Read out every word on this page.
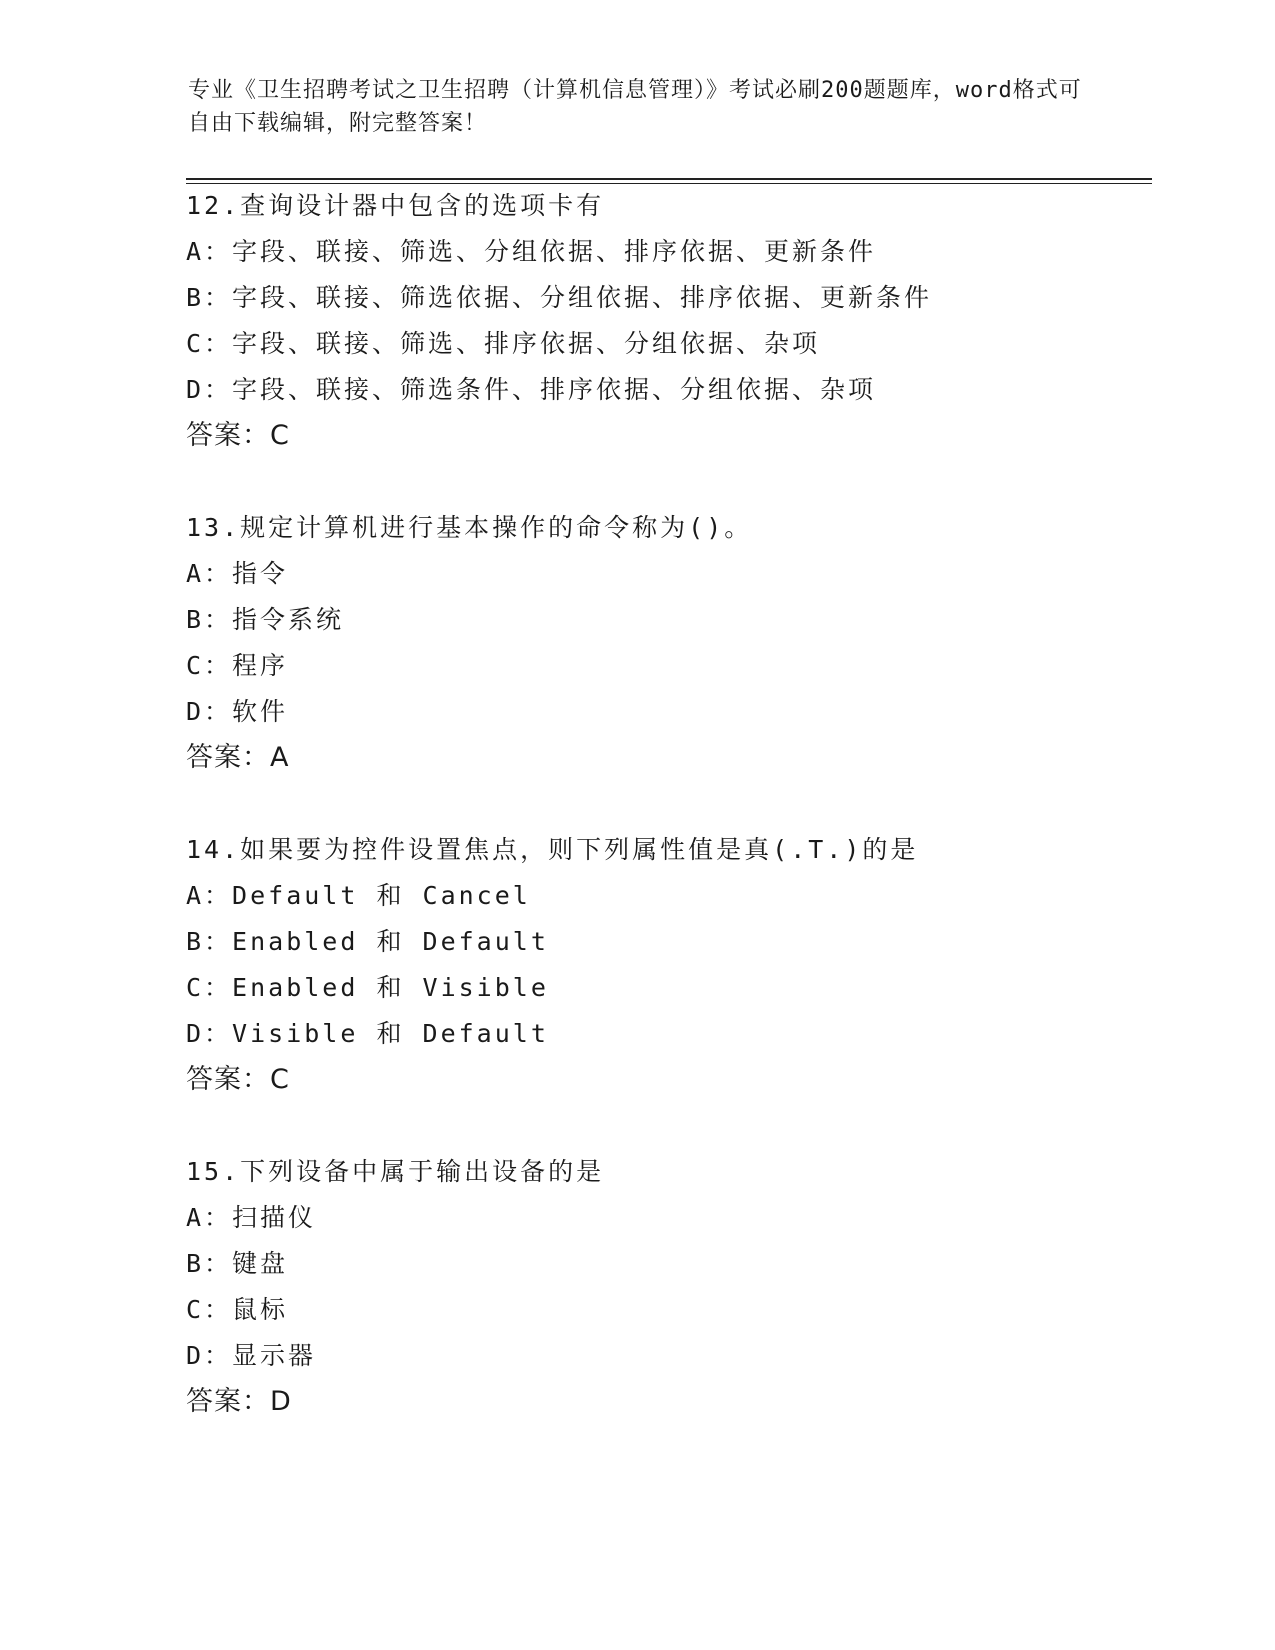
专业《卫生招聘考试之卫生招聘（计算机信息管理）》考试必刷200题题库，word格式可自由下载编辑，附完整答案！
12.查询设计器中包含的选项卡有
A：字段、联接、筛选、分组依据、排序依据、更新条件
B：字段、联接、筛选依据、分组依据、排序依据、更新条件
C：字段、联接、筛选、排序依据、分组依据、杂项
D：字段、联接、筛选条件、排序依据、分组依据、杂项
答案：C
13.规定计算机进行基本操作的命令称为()。
A：指令
B：指令系统
C：程序
D：软件
答案：A
14.如果要为控件设置焦点，则下列属性值是真(.T.)的是
A：Default 和 Cancel
B：Enabled 和 Default
C：Enabled 和 Visible
D：Visible 和 Default
答案：C
15.下列设备中属于输出设备的是
A：扫描仪
B：键盘
C：鼠标
D：显示器
答案：D
